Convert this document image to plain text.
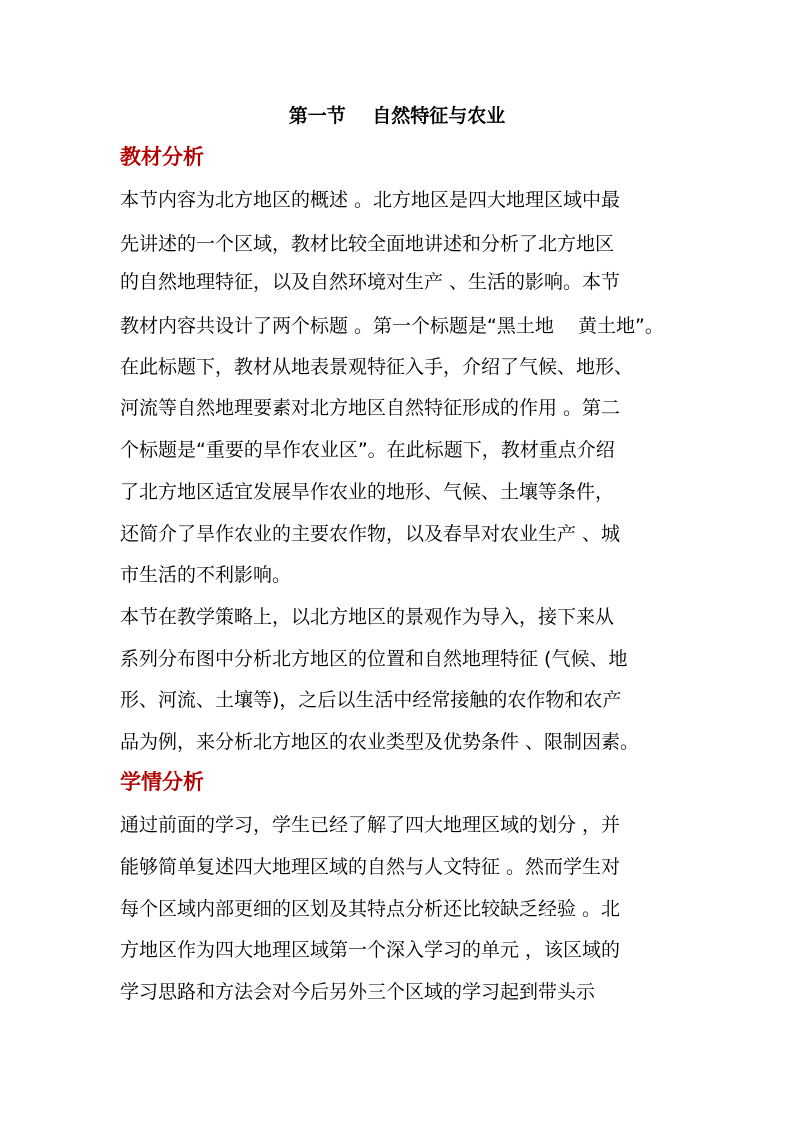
第一节    自然特征与农业
教材分析
本节内容为北方地区的概述 。北方地区是四大地理区域中最
先讲述的一个区域，教材比较全面地讲述和分析了北方地区
的自然地理特征，以及自然环境对生产 、生活的影响。本节
教材内容共设计了两个标题 。第一个标题是“黑土地    黄土地”。
在此标题下，教材从地表景观特征入手，介绍了气候、地形、
河流等自然地理要素对北方地区自然特征形成的作用 。第二
个标题是“重要的旱作农业区”。在此标题下，教材重点介绍
了北方地区适宜发展旱作农业的地形、气候、土壤等条件，
还简介了旱作农业的主要农作物，以及春旱对农业生产 、城
市生活的不利影响。
本节在教学策略上，以北方地区的景观作为导入，接下来从
系列分布图中分析北方地区的位置和自然地理特征 (气候、地
形、河流、土壤等)，之后以生活中经常接触的农作物和农产
品为例，来分析北方地区的农业类型及优势条件 、限制因素。
学情分析
通过前面的学习，学生已经了解了四大地理区域的划分 ，并
能够简单复述四大地理区域的自然与人文特征 。然而学生对
每个区域内部更细的区划及其特点分析还比较缺乏经验 。北
方地区作为四大地理区域第一个深入学习的单元 ，该区域的
学习思路和方法会对今后另外三个区域的学习起到带头示
